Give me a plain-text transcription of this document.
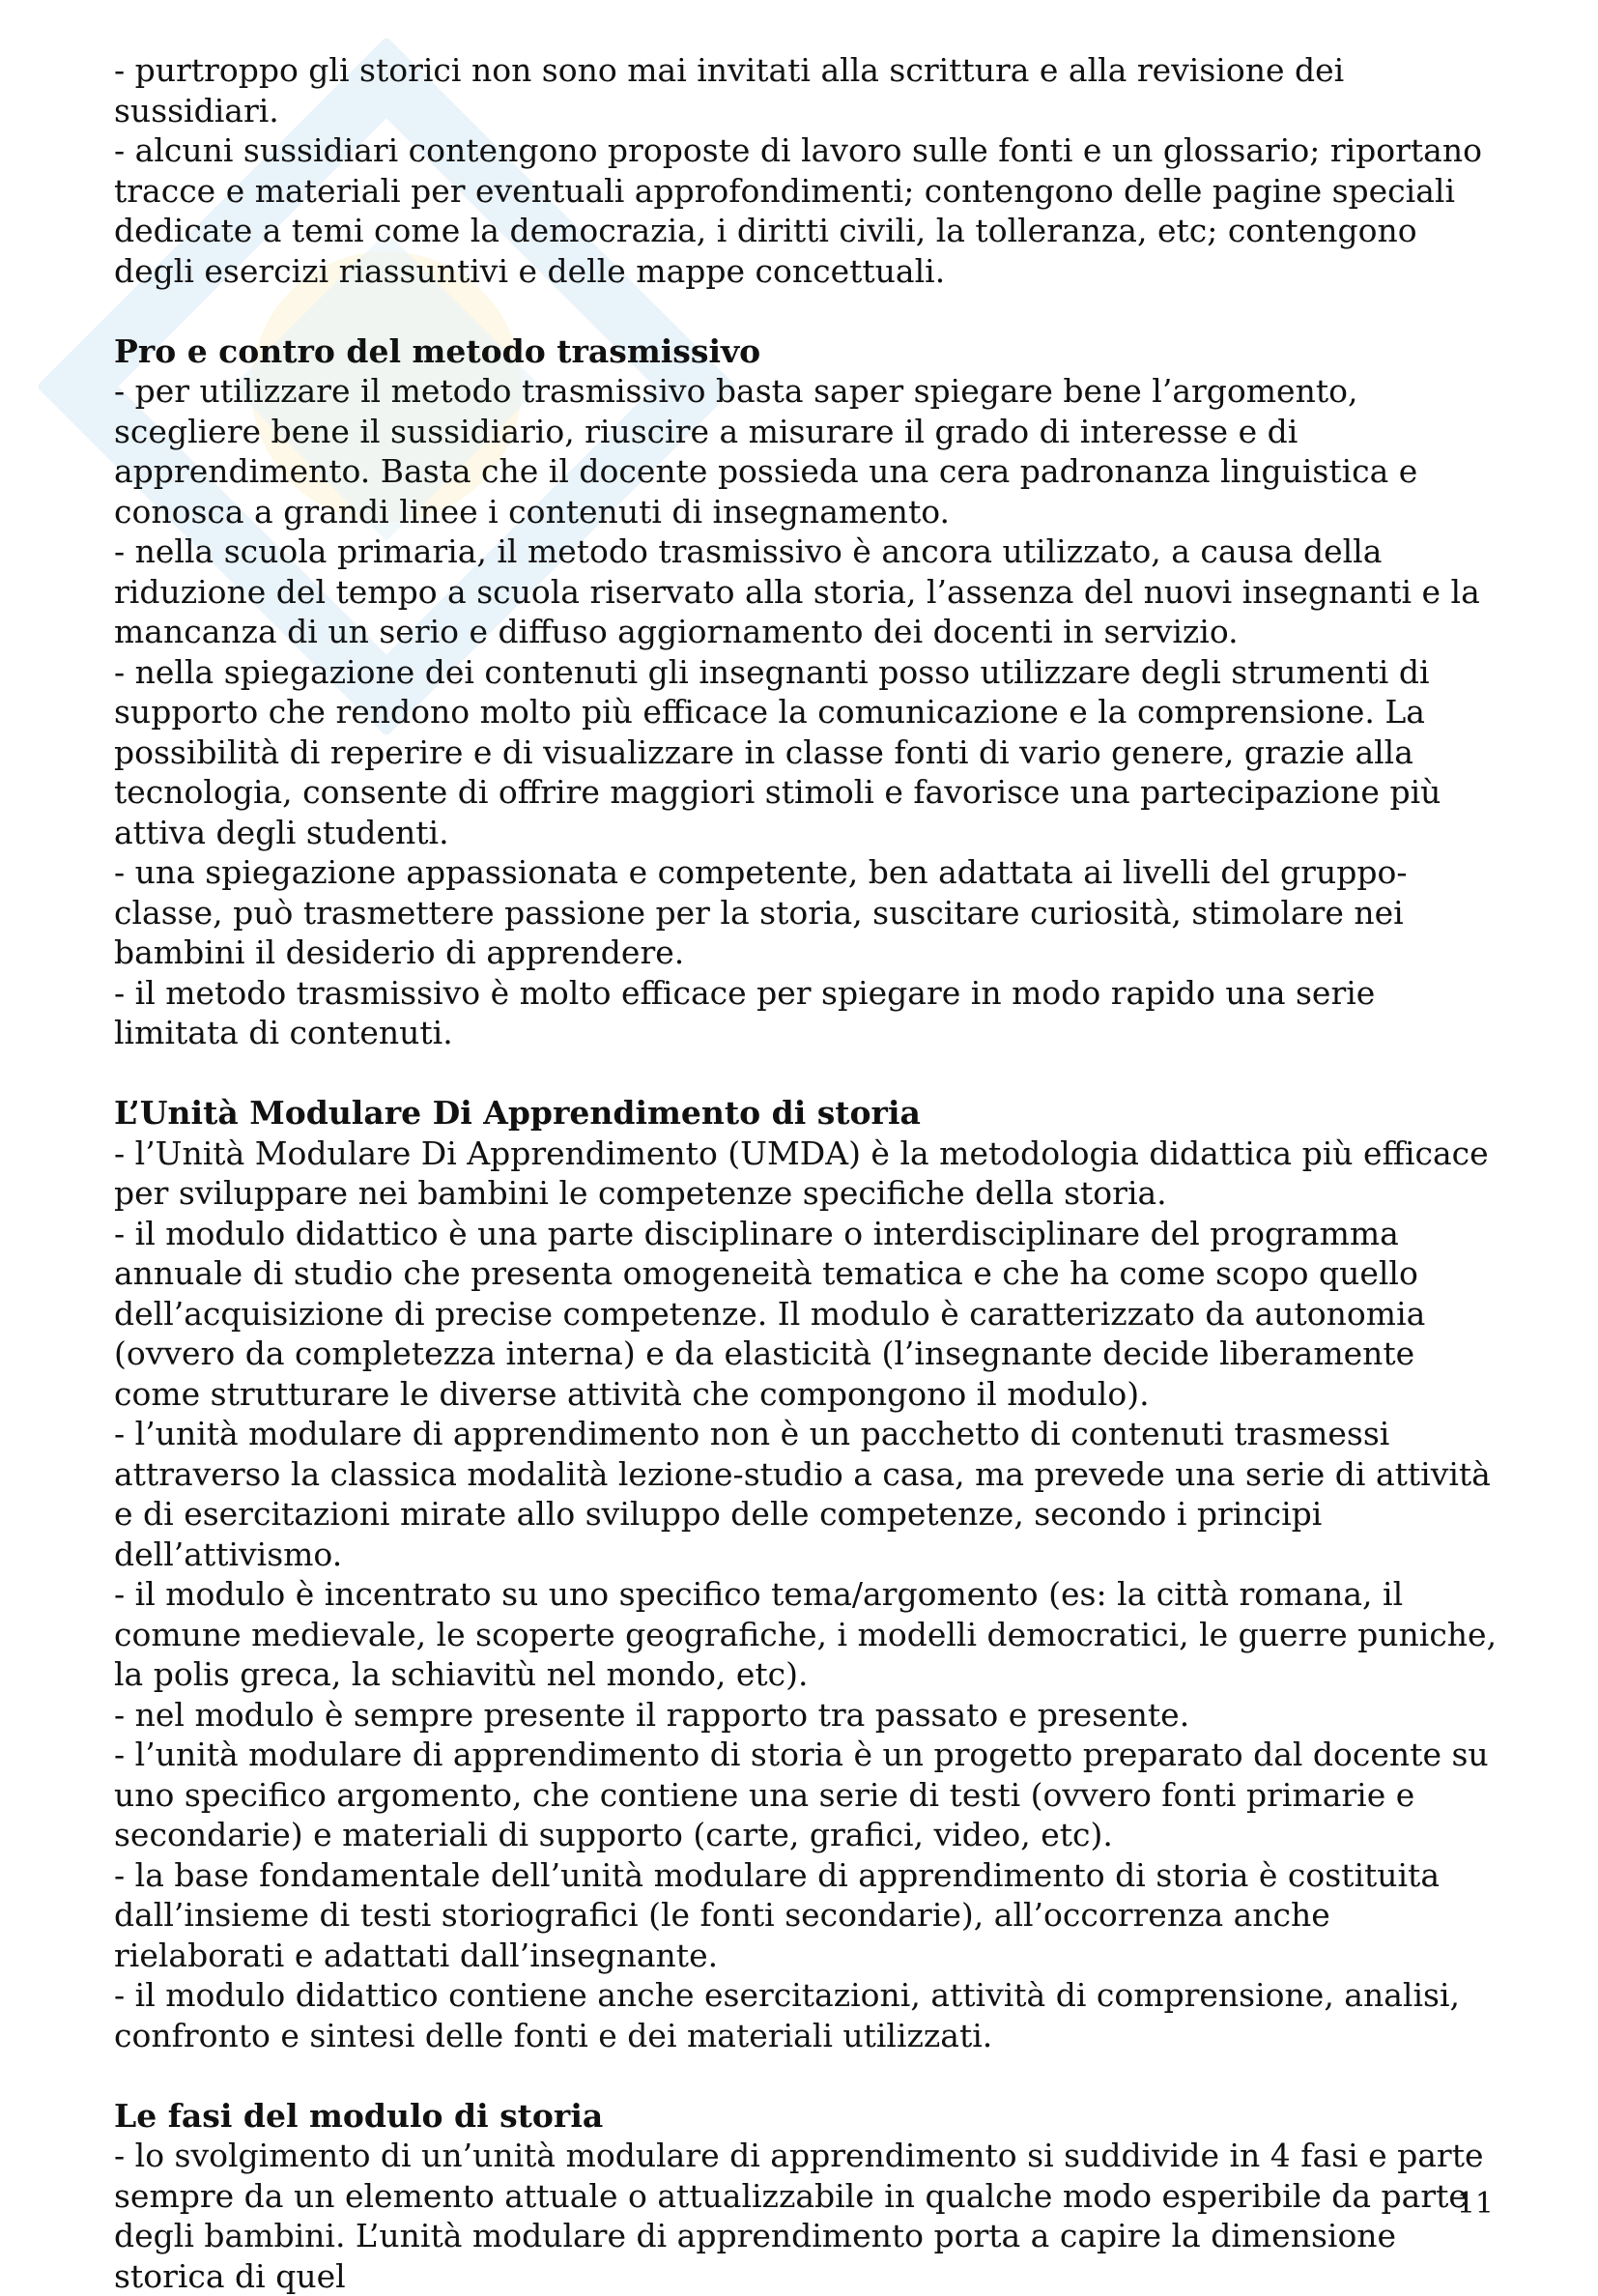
- purtroppo gli storici non sono mai invitati alla scrittura e alla revisione dei sussidiari.

- alcuni sussidiari contengono proposte di lavoro sulle fonti e un glossario; riportano tracce e materiali per eventuali approfondimenti; contengono delle pagine speciali dedicate a temi come la democrazia, i diritti civili, la tolleranza, etc; contengono degli esercizi riassuntivi e delle mappe concettuali.

Pro e contro del metodo trasmissivo

- per utilizzare il metodo trasmissivo basta saper spiegare bene l’argomento, scegliere bene il sussidiario, riuscire a misurare il grado di interesse e di apprendimento. Basta che il docente possieda una cera padronanza linguistica e conosca a grandi linee i contenuti di insegnamento.

- nella scuola primaria, il metodo trasmissivo è ancora utilizzato, a causa della riduzione del tempo a scuola riservato alla storia, l’assenza del nuovi insegnanti e la mancanza di un serio e diffuso aggiornamento dei docenti in servizio.

- nella spiegazione dei contenuti gli insegnanti posso utilizzare degli strumenti di supporto che rendono molto più efficace la comunicazione e la comprensione. La possibilità di reperire e di visualizzare in classe fonti di vario genere, grazie alla tecnologia, consente di offrire maggiori stimoli e favorisce una partecipazione più attiva degli studenti.

- una spiegazione appassionata e competente, ben adattata ai livelli del gruppo-classe, può trasmettere passione per la storia, suscitare curiosità, stimolare nei bambini il desiderio di apprendere.

- il metodo trasmissivo è molto efficace per spiegare in modo rapido una serie limitata di contenuti.

L’Unità Modulare Di Apprendimento di storia

- l’Unità Modulare Di Apprendimento (UMDA) è la metodologia didattica più efficace per sviluppare nei bambini le competenze specifiche della storia.

- il modulo didattico è una parte disciplinare o interdisciplinare del programma annuale di studio che presenta omogeneità tematica e che ha come scopo quello dell’acquisizione di precise competenze. Il modulo è caratterizzato da autonomia (ovvero da completezza interna) e da elasticità (l’insegnante decide liberamente come strutturare le diverse attività che compongono il modulo).

- l’unità modulare di apprendimento non è un pacchetto di contenuti trasmessi attraverso la classica modalità lezione-studio a casa, ma prevede una serie di attività e di esercitazioni mirate allo sviluppo delle competenze, secondo i principi dell’attivismo.

- il modulo è incentrato su uno specifico tema/argomento (es: la città romana, il comune medievale, le scoperte geografiche, i modelli democratici, le guerre puniche, la polis greca, la schiavitù nel mondo, etc).

- nel modulo è sempre presente il rapporto tra passato e presente.

- l’unità modulare di apprendimento di storia è un progetto preparato dal docente su uno specifico argomento, che contiene una serie di testi (ovvero fonti primarie e secondarie) e materiali di supporto (carte, grafici, video, etc).

- la base fondamentale dell’unità modulare di apprendimento di storia è costituita dall’insieme di testi storiografici (le fonti secondarie), all’occorrenza anche rielaborati e adattati dall’insegnante.

- il modulo didattico contiene anche esercitazioni, attività di comprensione, analisi, confronto e sintesi delle fonti e dei materiali utilizzati.

Le fasi del modulo di storia

- lo svolgimento di un’unità modulare di apprendimento si suddivide in 4 fasi e parte sempre da un elemento attuale o attualizzabile in qualche modo esperibile da parte degli bambini. L’unità modulare di apprendimento porta a capire la dimensione storica di quel

11
